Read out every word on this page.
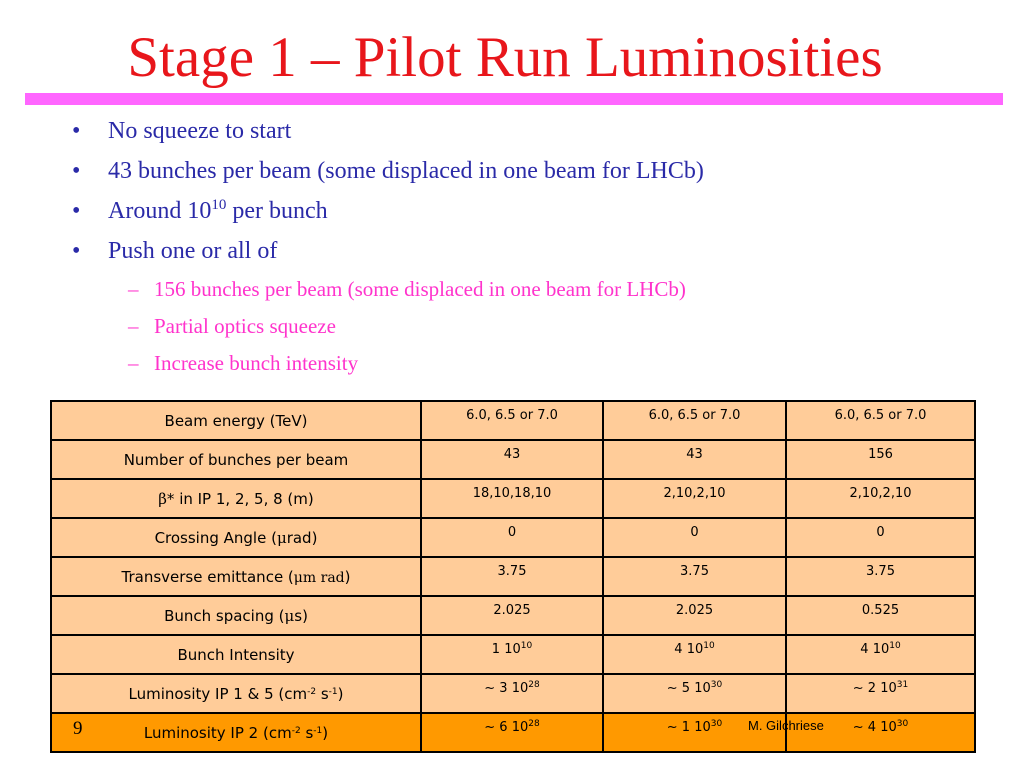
Stage 1 – Pilot Run Luminosities
• No squeeze to start
• 43 bunches per beam (some displaced in one beam for LHCb)
• Around $10^{10}$ per bunch
• Push one or all of
– 156 bunches per beam (some displaced in one beam for LHCb)
– Partial optics squeeze
– Increase bunch intensity
Beam energy (TeV)	6.0, 6.5 or 7.0	6.0, 6.5 or 7.0	6.0, 6.5 or 7.0
Number of bunches per beam	43	43	156
β* in IP 1, 2, 5, 8 (m)	18,10,18,10	2,10,2,10	2,10,2,10
Crossing Angle (μrad)	0	0	0
Transverse emittance (μm rad)	3.75	3.75	3.75
Bunch spacing (μs)	2.025	2.025	0.525
Bunch Intensity	1 $10^{10}$	4 $10^{10}$	4 $10^{10}$
Luminosity IP 1 & 5 ($cm^{-2}$ $s^{-1}$)	~ 3 $10^{28}$	~ 5 $10^{30}$	~ 2 $10^{31}$
Luminosity IP 2 ($cm^{-2}$ $s^{-1}$)	~ 6 $10^{28}$	~ 1 $10^{30}$	~ 4 $10^{30}$
9	M. Gilchriese
